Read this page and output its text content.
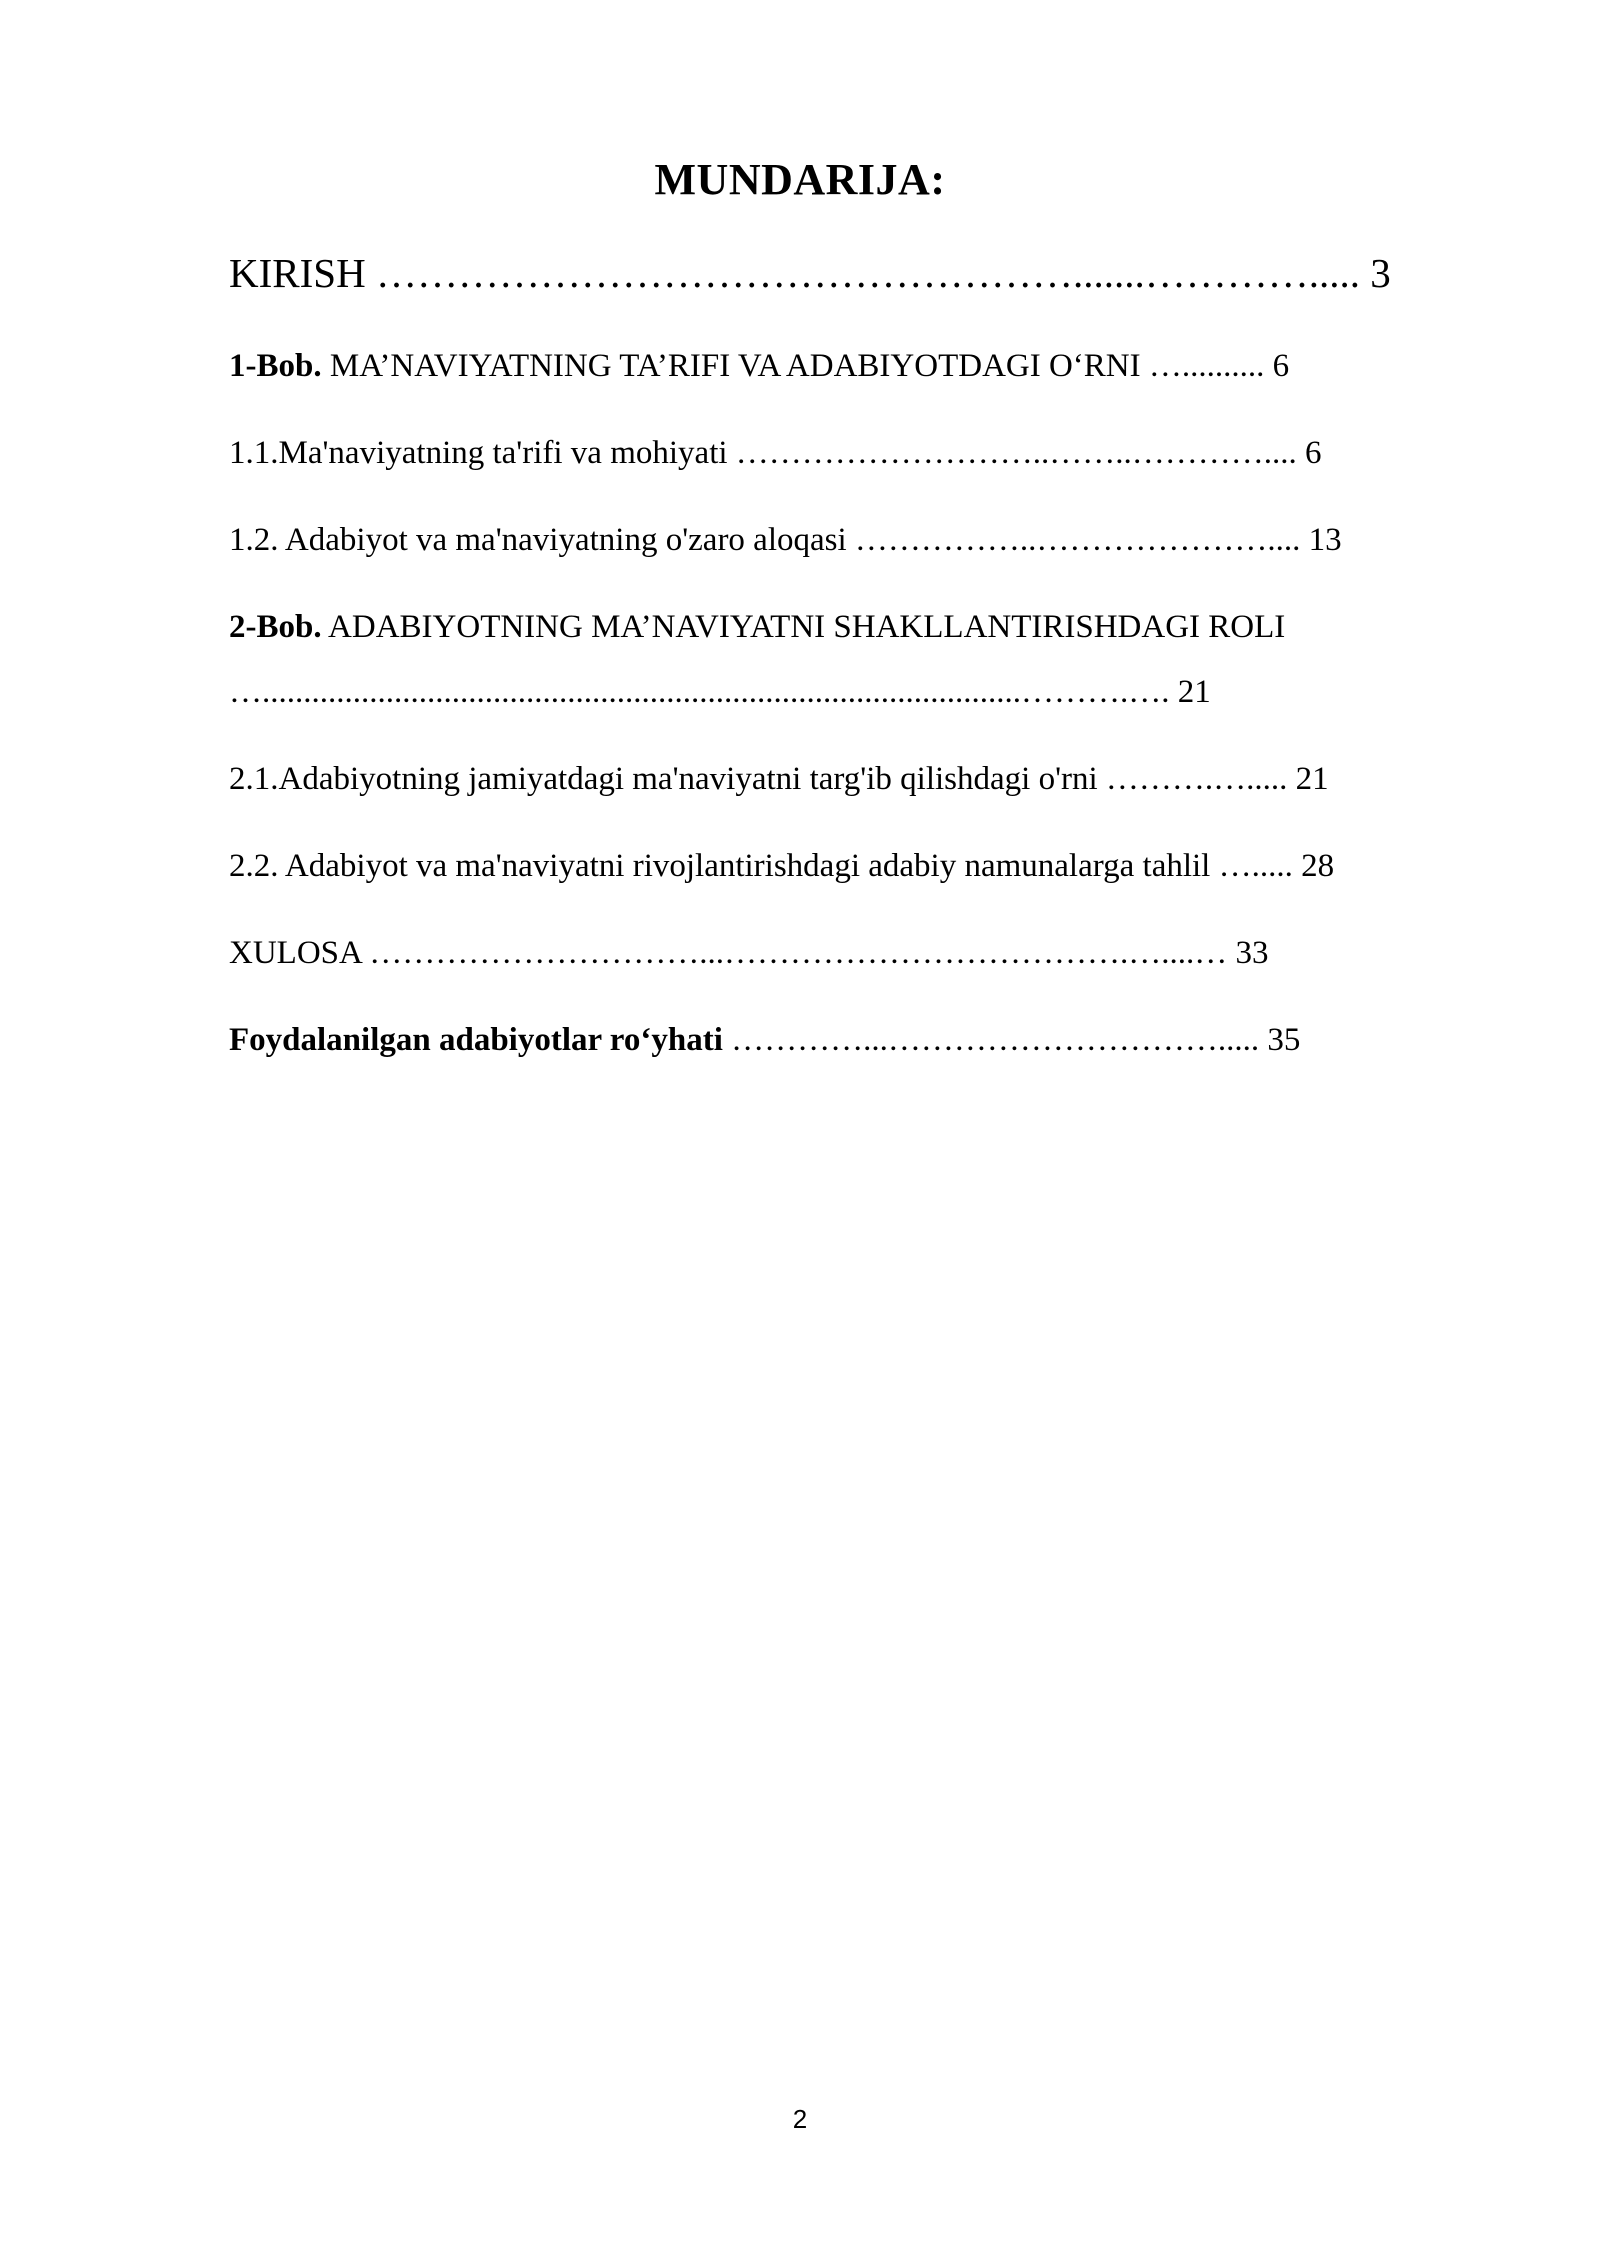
MUNDARIJA:
KIRISH …………………………………………….......…………..... 3
1-Bob. MA’NAVIYATNING TA’RIFI VA ADABIYOTDAGI O‘RNI ….......... 6
1.1.Ma'naviyatning ta'rifi va mohiyati ………………………..……..………….... 6
1.2. Adabiyot va ma'naviyatning o'zaro aloqasi ……………..………………….... 13
2-Bob. ADABIYOTNING MA’NAVIYATNI SHAKLLANTIRISHDAGI ROLI
…............................................................................................……….…. 21
2.1.Adabiyotning jamiyatdagi ma'naviyatni targ'ib qilishdagi o'rni ……….…..... 21
2.2. Adabiyot va ma'naviyatni rivojlantirishdagi adabiy namunalarga tahlil …..... 28
XULOSA …………………………...……………………………….…....… 33
Foydalanilgan adabiyotlar ro‘yhati …………...…………………………..... 35
2
